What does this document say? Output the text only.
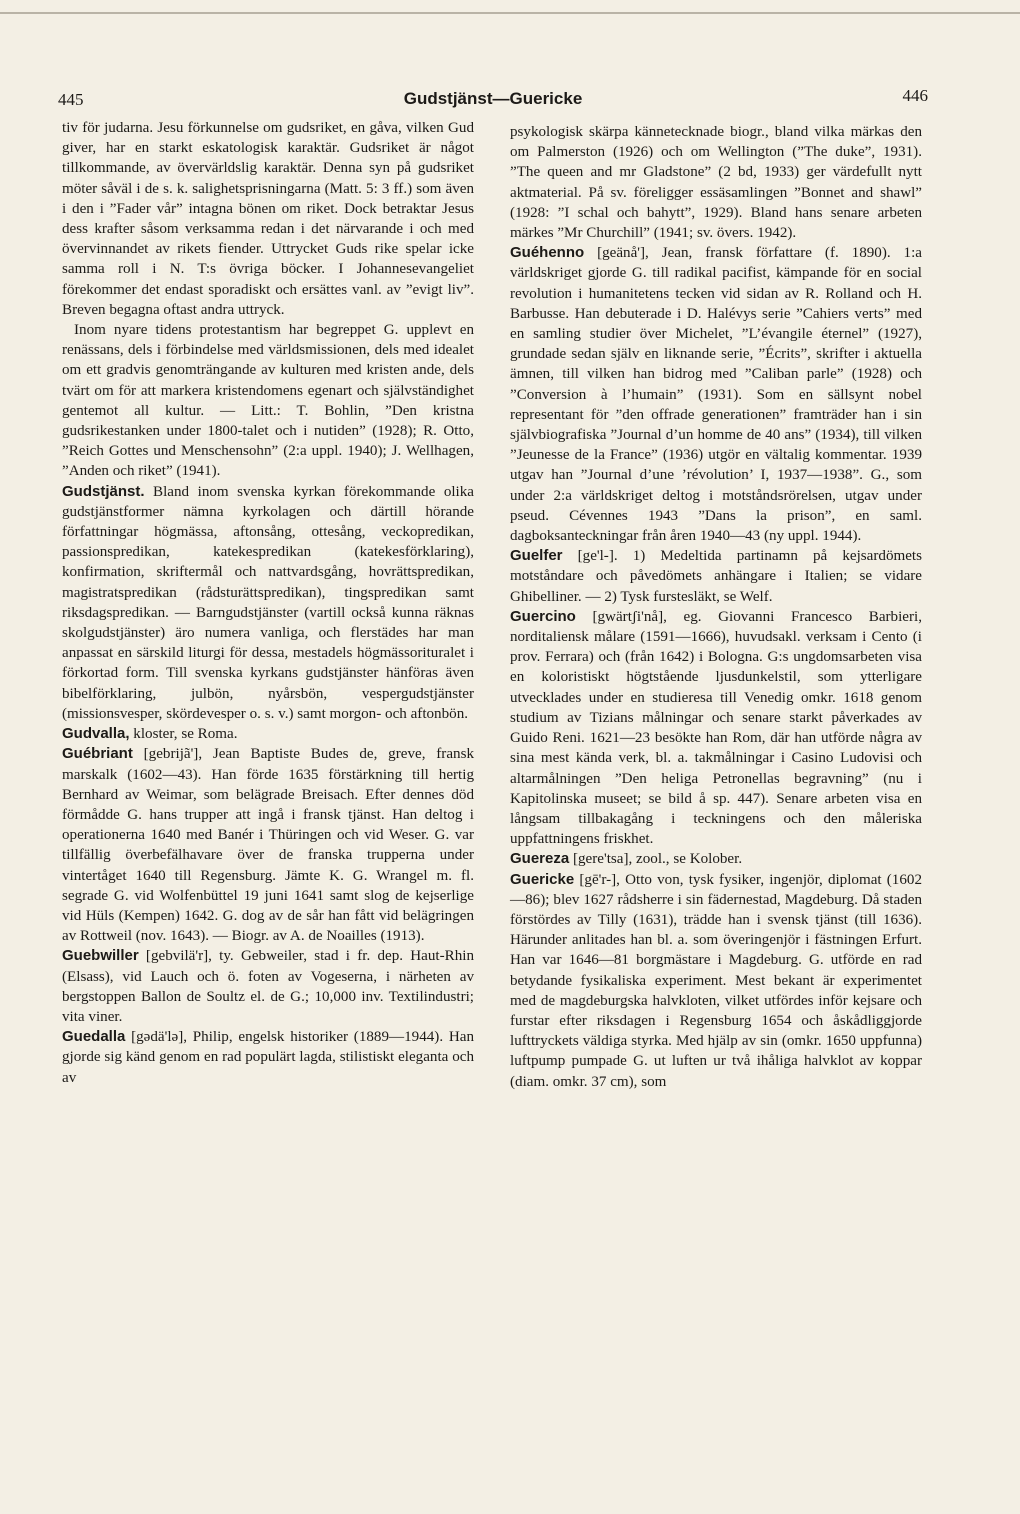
445	Gudstjänst—Guericke	446

tiv för judarna. Jesu förkunnelse om gudsriket, en gåva, vilken Gud giver, har en starkt eskatologisk karaktär. Gudsriket är något tillkommande, av övervärldslig karaktär. Denna syn på gudsriket möter såväl i de s. k. salighetsprisningarna (Matt. 5: 3 ff.) som även i den i ”Fader vår” intagna bönen om riket. Dock betraktar Jesus dess krafter såsom verksamma redan i det närvarande i och med övervinnandet av rikets fiender. Uttrycket Guds rike spelar icke samma roll i N. T:s övriga böcker. I Johannesevangeliet förekommer det endast sporadiskt och ersättes vanl. av ”evigt liv”. Breven begagna oftast andra uttryck.

Inom nyare tidens protestantism har begreppet G. upplevt en renässans, dels i förbindelse med världsmissionen, dels med idealet om ett gradvis genomträngande av kulturen med kristen ande, dels tvärt om för att markera kristendomens egenart och självständighet gentemot all kultur. — Litt.: T. Bohlin, ”Den kristna gudsrikestanken under 1800-talet och i nutiden” (1928); R. Otto, ”Reich Gottes und Menschensohn” (2:a uppl. 1940); J. Wellhagen, ”Anden och riket” (1941).

Gudstjänst. Bland inom svenska kyrkan förekommande olika gudstjänstformer nämna kyrkolagen och därtill hörande författningar högmässa, aftonsång, ottesång, veckopredikan, passionspredikan, katekespredikan (katekesförklaring), konfirmation, skriftermål och nattvardsgång, hovrättspredikan, magistratspredikan (rådsturättspredikan), tingspredikan samt riksdagspredikan. — Barngudstjänster (vartill också kunna räknas skolgudstjänster) äro numera vanliga, och flerstädes har man anpassat en särskild liturgi för dessa, mestadels högmässorituralet i förkortad form. Till svenska kyrkans gudstjänster hänföras även bibelförklaring, julbön, nyårsbön, vespergudstjänster (missionsvesper, skördevesper o. s. v.) samt morgon- och aftonbön.

Gudvalla, kloster, se Roma.

Guébriant [gebrijã'], Jean Baptiste Budes de, greve, fransk marskalk (1602—43). Han förde 1635 förstärkning till hertig Bernhard av Weimar, som belägrade Breisach. Efter dennes död förmådde G. hans trupper att ingå i fransk tjänst. Han deltog i operationerna 1640 med Banér i Thüringen och vid Weser. G. var tillfällig överbefälhavare över de franska trupperna under vintertåget 1640 till Regensburg. Jämte K. G. Wrangel m. fl. segrade G. vid Wolfenbüttel 19 juni 1641 samt slog de kejserlige vid Hüls (Kempen) 1642. G. dog av de sår han fått vid belägringen av Rottweil (nov. 1643). — Biogr. av A. de Noailles (1913).

Guebwiller [gebvilä'r], ty. Gebweiler, stad i fr. dep. Haut-Rhin (Elsass), vid Lauch och ö. foten av Vogeserna, i närheten av bergstoppen Ballon de Soultz el. de G.; 10,000 inv. Textilindustri; vita viner.

Guedalla [gədä'lə], Philip, engelsk historiker (1889—1944). Han gjorde sig känd genom en rad populärt lagda, stilistiskt eleganta och av

psykologisk skärpa kännetecknade biogr., bland vilka märkas den om Palmerston (1926) och om Wellington (”The duke”, 1931). ”The queen and mr Gladstone” (2 bd, 1933) ger värdefullt nytt aktmaterial. På sv. föreligger essäsamlingen ”Bonnet and shawl” (1928: ”I schal och bahytt”, 1929). Bland hans senare arbeten märkes ”Mr Churchill” (1941; sv. övers. 1942).

Guéhenno [geänå'], Jean, fransk författare (f. 1890). 1:a världskriget gjorde G. till radikal pacifist, kämpande för en social revolution i humanitetens tecken vid sidan av R. Rolland och H. Barbusse. Han debuterade i D. Halévys serie ”Cahiers verts” med en samling studier över Michelet, ”L’évangile éternel” (1927), grundade sedan själv en liknande serie, ”Écrits”, skrifter i aktuella ämnen, till vilken han bidrog med ”Caliban parle” (1928) och ”Conversion à l’humain” (1931). Som en sällsynt nobel representant för ”den offrade generationen” framträder han i sin självbiografiska ”Journal d’un homme de 40 ans” (1934), till vilken ”Jeunesse de la France” (1936) utgör en vältalig kommentar. 1939 utgav han ”Journal d’une ’révolution’ I, 1937—1938”. G., som under 2:a världskriget deltog i motståndsrörelsen, utgav under pseud. Cévennes 1943 ”Dans la prison”, en saml. dagboksanteckningar från åren 1940—43 (ny uppl. 1944).

Guelfer [ge'l-]. 1) Medeltida partinamn på kejsardömets motståndare och påvedömets anhängare i Italien; se vidare Ghibelliner. — 2) Tysk furstesläkt, se Welf.

Guercino [gwärtʃi'nå], eg. Giovanni Francesco Barbieri, norditaliensk målare (1591—1666), huvudsakl. verksam i Cento (i prov. Ferrara) och (från 1642) i Bologna. G:s ungdomsarbeten visa en koloristiskt högtstående ljusdunkelstil, som ytterligare utvecklades under en studieresa till Venedig omkr. 1618 genom studium av Tizians målningar och senare starkt påverkades av Guido Reni. 1621—23 besökte han Rom, där han utförde några av sina mest kända verk, bl. a. takmålningar i Casino Ludovisi och altarmålningen ”Den heliga Petronellas begravning” (nu i Kapitolinska museet; se bild å sp. 447). Senare arbeten visa en långsam tillbakagång i teckningens och den måleriska uppfattningens friskhet.

Guereza [gere'tsa], zool., se Kolober.

Guericke [gē'r-], Otto von, tysk fysiker, ingenjör, diplomat (1602—86); blev 1627 rådsherre i sin fädernestad, Magdeburg. Då staden förstördes av Tilly (1631), trädde han i svensk tjänst (till 1636). Härunder anlitades han bl. a. som överingenjör i fästningen Erfurt. Han var 1646—81 borgmästare i Magdeburg. G. utförde en rad betydande fysikaliska experiment. Mest bekant är experimentet med de magdeburgska halvkloten, vilket utfördes inför kejsare och furstar efter riksdagen i Regensburg 1654 och åskådliggjorde lufttryckets väldiga styrka. Med hjälp av sin (omkr. 1650 uppfunna) luftpump pumpade G. ut luften ur två ihåliga halvklot av koppar (diam. omkr. 37 cm), som
